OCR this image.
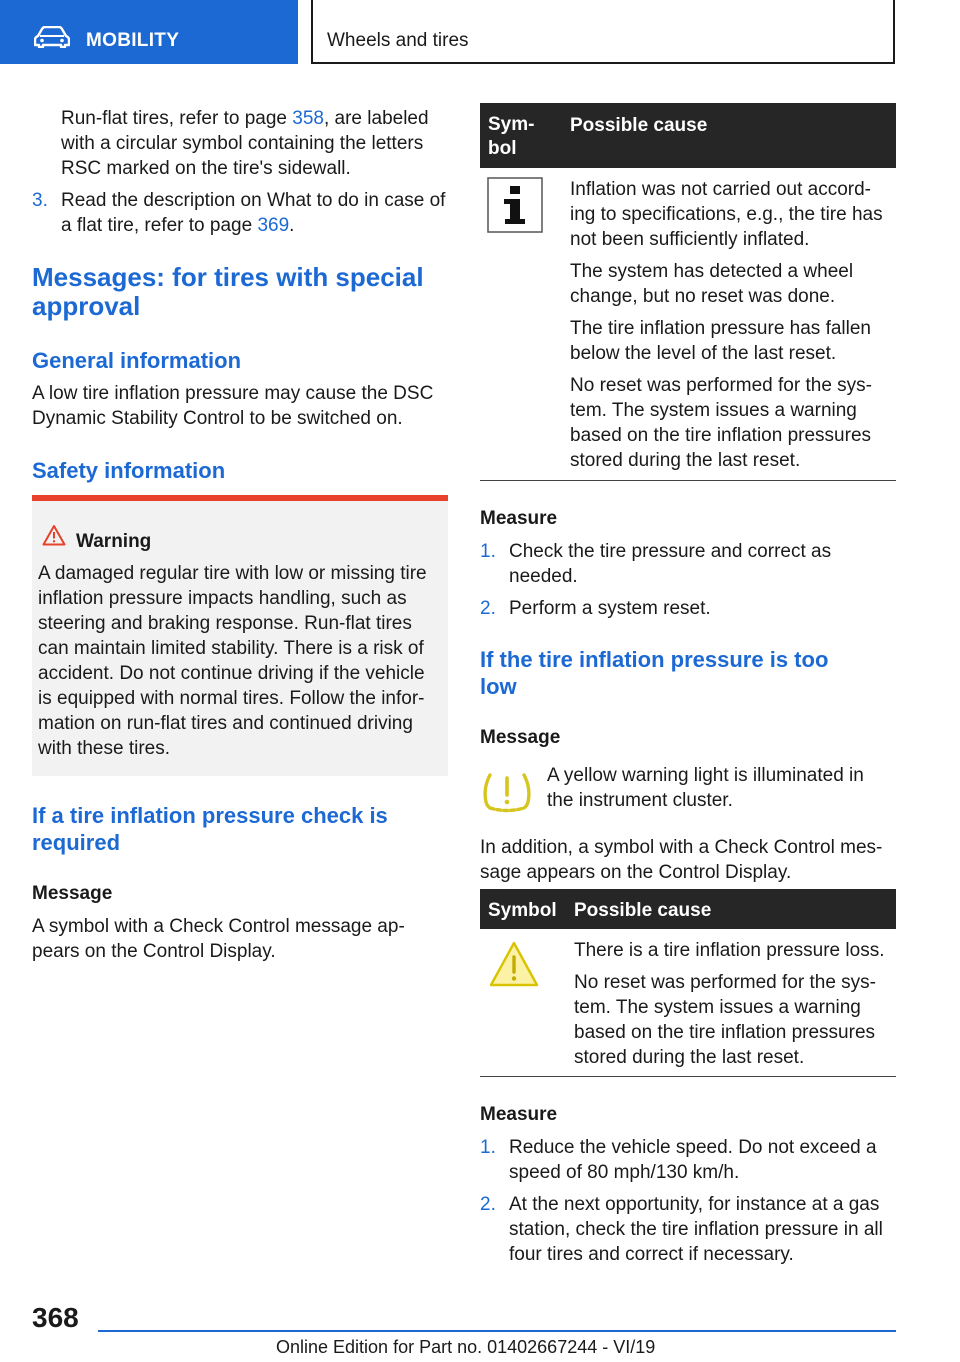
MOBILITY	Wheels and tires
Run-flat tires, refer to page 358, are labeled
with a circular symbol containing the letters
RSC marked on the tire's sidewall.
3. Read the description on What to do in case of
a flat tire, refer to page 369.
Messages: for tires with special
approval
General information
A low tire inflation pressure may cause the DSC
Dynamic Stability Control to be switched on.
Safety information
Warning
A damaged regular tire with low or missing tire
inflation pressure impacts handling, such as
steering and braking response. Run-flat tires
can maintain limited stability. There is a risk of
accident. Do not continue driving if the vehicle
is equipped with normal tires. Follow the infor-
mation on run-flat tires and continued driving
with these tires.
If a tire inflation pressure check is
required
Message
A symbol with a Check Control message ap-
pears on the Control Display.
Sym-
bol
Possible cause
Inflation was not carried out accord-
ing to specifications, e.g., the tire has
not been sufficiently inflated.
The system has detected a wheel
change, but no reset was done.
The tire inflation pressure has fallen
below the level of the last reset.
No reset was performed for the sys-
tem. The system issues a warning
based on the tire inflation pressures
stored during the last reset.
Measure
1. Check the tire pressure and correct as
needed.
2. Perform a system reset.
If the tire inflation pressure is too
low
Message
A yellow warning light is illuminated in
the instrument cluster.
In addition, a symbol with a Check Control mes-
sage appears on the Control Display.
Symbol Possible cause
There is a tire inflation pressure loss.
No reset was performed for the sys-
tem. The system issues a warning
based on the tire inflation pressures
stored during the last reset.
Measure
1. Reduce the vehicle speed. Do not exceed a
speed of 80 mph/130 km/h.
2. At the next opportunity, for instance at a gas
station, check the tire inflation pressure in all
four tires and correct if necessary.
368
Online Edition for Part no. 01402667244 - VI/19
